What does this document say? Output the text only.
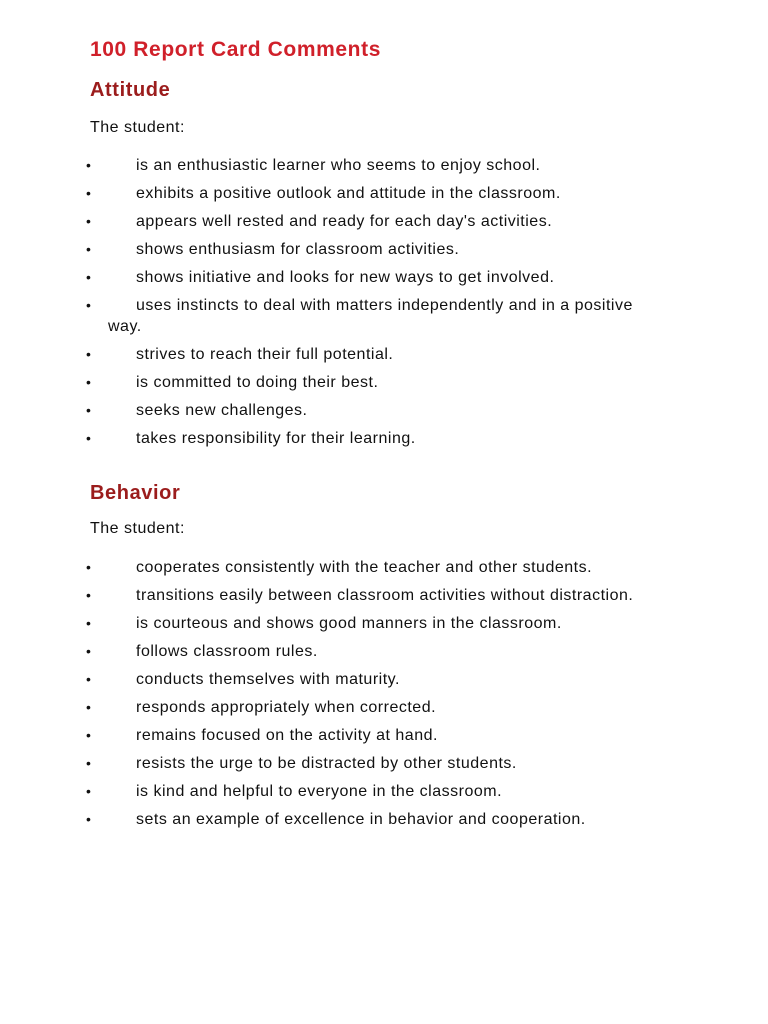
100 Report Card Comments
Attitude

The student:

•	is an enthusiastic learner who seems to enjoy school.
•	exhibits a positive outlook and attitude in the classroom.
•	appears well rested and ready for each day's activities.
•	shows enthusiasm for classroom activities.
•	shows initiative and looks for new ways to get involved.
•	uses instincts to deal with matters independently and in a positive way.
•	strives to reach their full potential.
•	is committed to doing their best.
•	seeks new challenges.
•	takes responsibility for their learning.
Behavior

The student:

•	cooperates consistently with the teacher and other students.
•	transitions easily between classroom activities without distraction.
•	is courteous and shows good manners in the classroom.
•	follows classroom rules.
•	conducts themselves with maturity.
•	responds appropriately when corrected.
•	remains focused on the activity at hand.
•	resists the urge to be distracted by other students.
•	is kind and helpful to everyone in the classroom.
•	sets an example of excellence in behavior and cooperation.
